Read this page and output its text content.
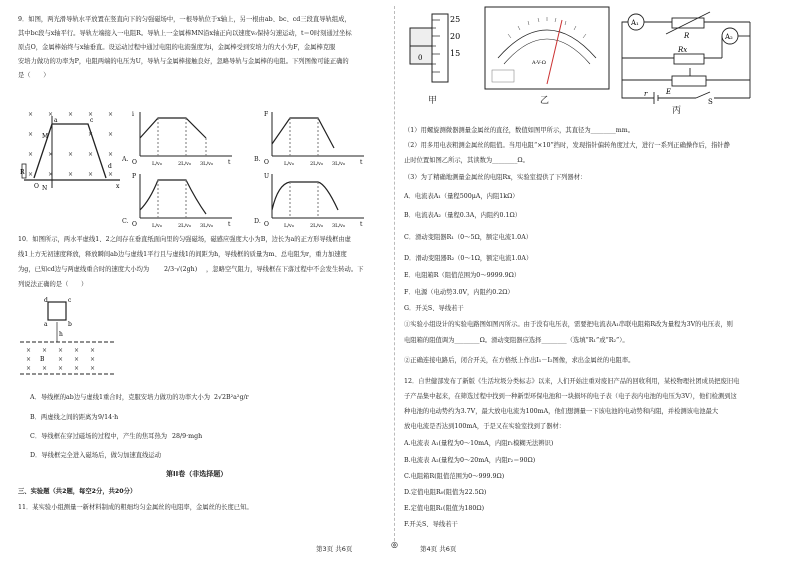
9．如图，两光滑导轨水平放置在竖直向下的匀强磁场中，一根导轨位于x轴上，另一根由ab、bc、cd三段直导轨组成，
其中bc段与x轴平行。导轨左端接入一电阻R。导轨上一金属棒MN沿x轴正向以速度v₀保持匀速运动，t＝0时刻通过坐标
原点O，金属棒始终与x轴垂直。设运动过程中通过电阻的电流强度为i，金属棒受到安培力的大小为F，金属棒克服
安培力做功的功率为P，电阻两端的电压为U，导轨与金属棒接触良好，忽略导轨与金属棒的电阻。下列图像可能正确的
是（　　）
× × × × ×
×	× ×
× × × × ×
× × × × ×
a	c
d
M
N
O	x
R
A.	B.
C.	D.
i
t
O	L/v₀	2L/v₀ 3L/v₀
F
t
O	L/v₀	2L/v₀ 3L/v₀
P
t
O	L/v₀	2L/v₀ 3L/v₀
U
t
O	L/v₀	2L/v₀ 3L/v₀
10．如图所示，两水平虚线1、2之间存在垂直纸面向里的匀强磁场，磁感应强度大小为B，边长为a的正方形导线框由虚
线1上方无初速度释放，释放瞬间ab边与虚线1平行且与虚线1的间距为h，导线框的质量为m、总电阻为r，重力加速度
为g，已知cd边与两虚线重合时的速度大小均为 2/3·√(2gh) ，忽略空气阻力，导线框在下落过程中不会发生转动。下
列说法正确的是（　　）
d	c
a	b
h
1
2
× × × × ×
×	× × ×
× × × × ×
B
A．导线框的ab边与虚线1重合时，克服安培力做功的功率大小为 2√2B²a²g/r
B．两虚线之间的距离为 9/14·h
C．导线框在穿过磁场的过程中，产生的焦耳热为 28/9·mgh
D．导线框完全进入磁场后，做匀加速直线运动
第II卷（非选择题）
三、实验题（共2题，每空2分，共20分）
11．某实验小组测量一新材料制成的粗细均匀金属丝的电阻率，金属丝的长度已知。
25
20
15
0
甲
A-V-Ω
乙
A₁
R	A₂
Rx
r	E
S
丙
（1）用螺旋测微器测量金属丝的直径，数值如图甲所示，其直径为________mm。
（2）用多用电表粗测金属丝的阻值。当用电阻“×10”挡时，发现指针偏转角度过大，进行一系列正确操作后，指针静
止时位置如图乙所示，其读数为________Ω。
（3）为了精确地测量金属丝的电阻Rx，实验室提供了下列器材：
A．电流表A₁（量程500μA，内阻1kΩ）
B．电流表A₂（量程0.3A，内阻约0.1Ω）
C．滑动变阻器R₁（0～5Ω，额定电流1.0A）
D．滑动变阻器R₂（0～1Ω，额定电流1.0A）
E．电阻箱R（阻值范围为0～9999.9Ω）
F．电源（电动势3.0V，内阻约0.2Ω）
G．开关S、导线若干
①实验小组设计的实验电路图如图丙所示。由于没有电压表，需要把电流表A₁串联电阻箱R改为量程为3V的电压表，则
电阻箱的阻值调为________Ω。滑动变阻器应选择________（选填“R₁”或“R₂”）。
②正确连接电路后，闭合开关，在方格纸上作出I₁－I₂图像，求出金属丝的电阻率。
12．自世健部发布了新版《生活垃圾分类标志》以来，人们开始注重对废旧产品的回收利用，某校物理社团成员把废旧电
子产品集中起来，在筛选过程中找到一种新型环保电池和一块损坏的电子表（电子表内电池的电压为3V），他们检测到这
种电池的电动势约为3.7V，最大放电电流为100mA，他们想测量一下该电池的电动势和内阻，并检测该电池最大
放电电流是否达到100mA，于是又在实验室找到了器材：
A.电流表 A₁(量程为0～10mA，内阻r₁模糊无法辨识)
B.电流表 A₂(量程为0～20mA，内阻r₂＝90Ω)
C.电阻箱R(阻值范围为0～999.9Ω)
D.定值电阻R₀(阻值为22.5Ω)
E.定值电阻R₁(阻值为180Ω)
F.开关S、导线若干
第3页 共6页	◎	第4页 共6页
